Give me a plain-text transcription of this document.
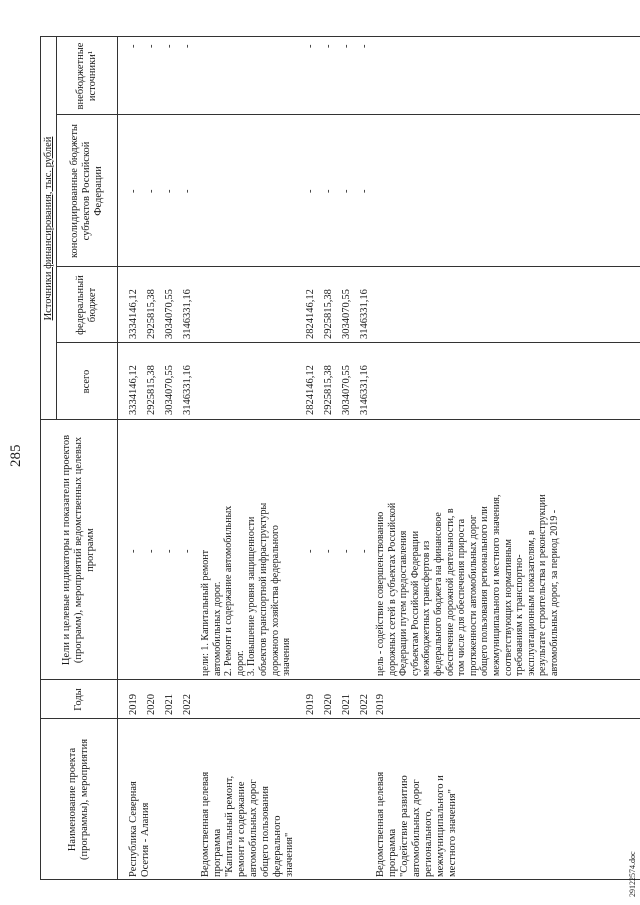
285
Наименование проекта (программы), мероприятия
Годы
Цели и целевые индикаторы и показатели проектов (программ), мероприятий ведомственных целевых программ
Источники финансирования, тыс. рублей
всего
федеральный бюджет
консолидированные бюджеты субъектов Российской Федерации
внебюджетные источники¹
Республика Северная
Осетия - Алания
2019 2020 2021 2022
- - - -
3334146,12 2925815,38 3034070,55 3146331,16
3334146,12 2925815,38 3034070,55 3146331,16
- - - -
- - - -
Ведомственная целевая
программа
"Капитальный ремонт,
ремонт и содержание
автомобильных дорог
общего пользования
федерального
значения"
цели: 1. Капитальный ремонт
автомобильных дорог.
2. Ремонт и содержание автомобильных
дорог.
3. Повышение уровня защищенности
объектов транспортной инфраструктуры
дорожного хозяйства федерального
значения
2019 2020 2021 2022
- - - -
2824146,12 2925815,38 3034070,55 3146331,16
2824146,12 2925815,38 3034070,55 3146331,16
- - - -
- - - -
Ведомственная целевая
программа
"Содействие развитию
автомобильных дорог
регионального,
межмуниципального и
местного значения"
цель - содействие совершенствованию
дорожных сетей в субъектах Российской
Федерации путем предоставления
субъектам Российской Федерации
межбюджетных трансфертов из
федерального бюджета на финансовое
обеспечение дорожной деятельности, в
том числе для обеспечения прироста
протяженности автомобильных дорог
общего пользования регионального или
межмуниципального и местного значения,
соответствующих нормативным
требованиям к транспортно-
эксплуатационным показателям, в
результате строительства и реконструкции
автомобильных дорог, за период 2019 -
2019
29122574.doc
